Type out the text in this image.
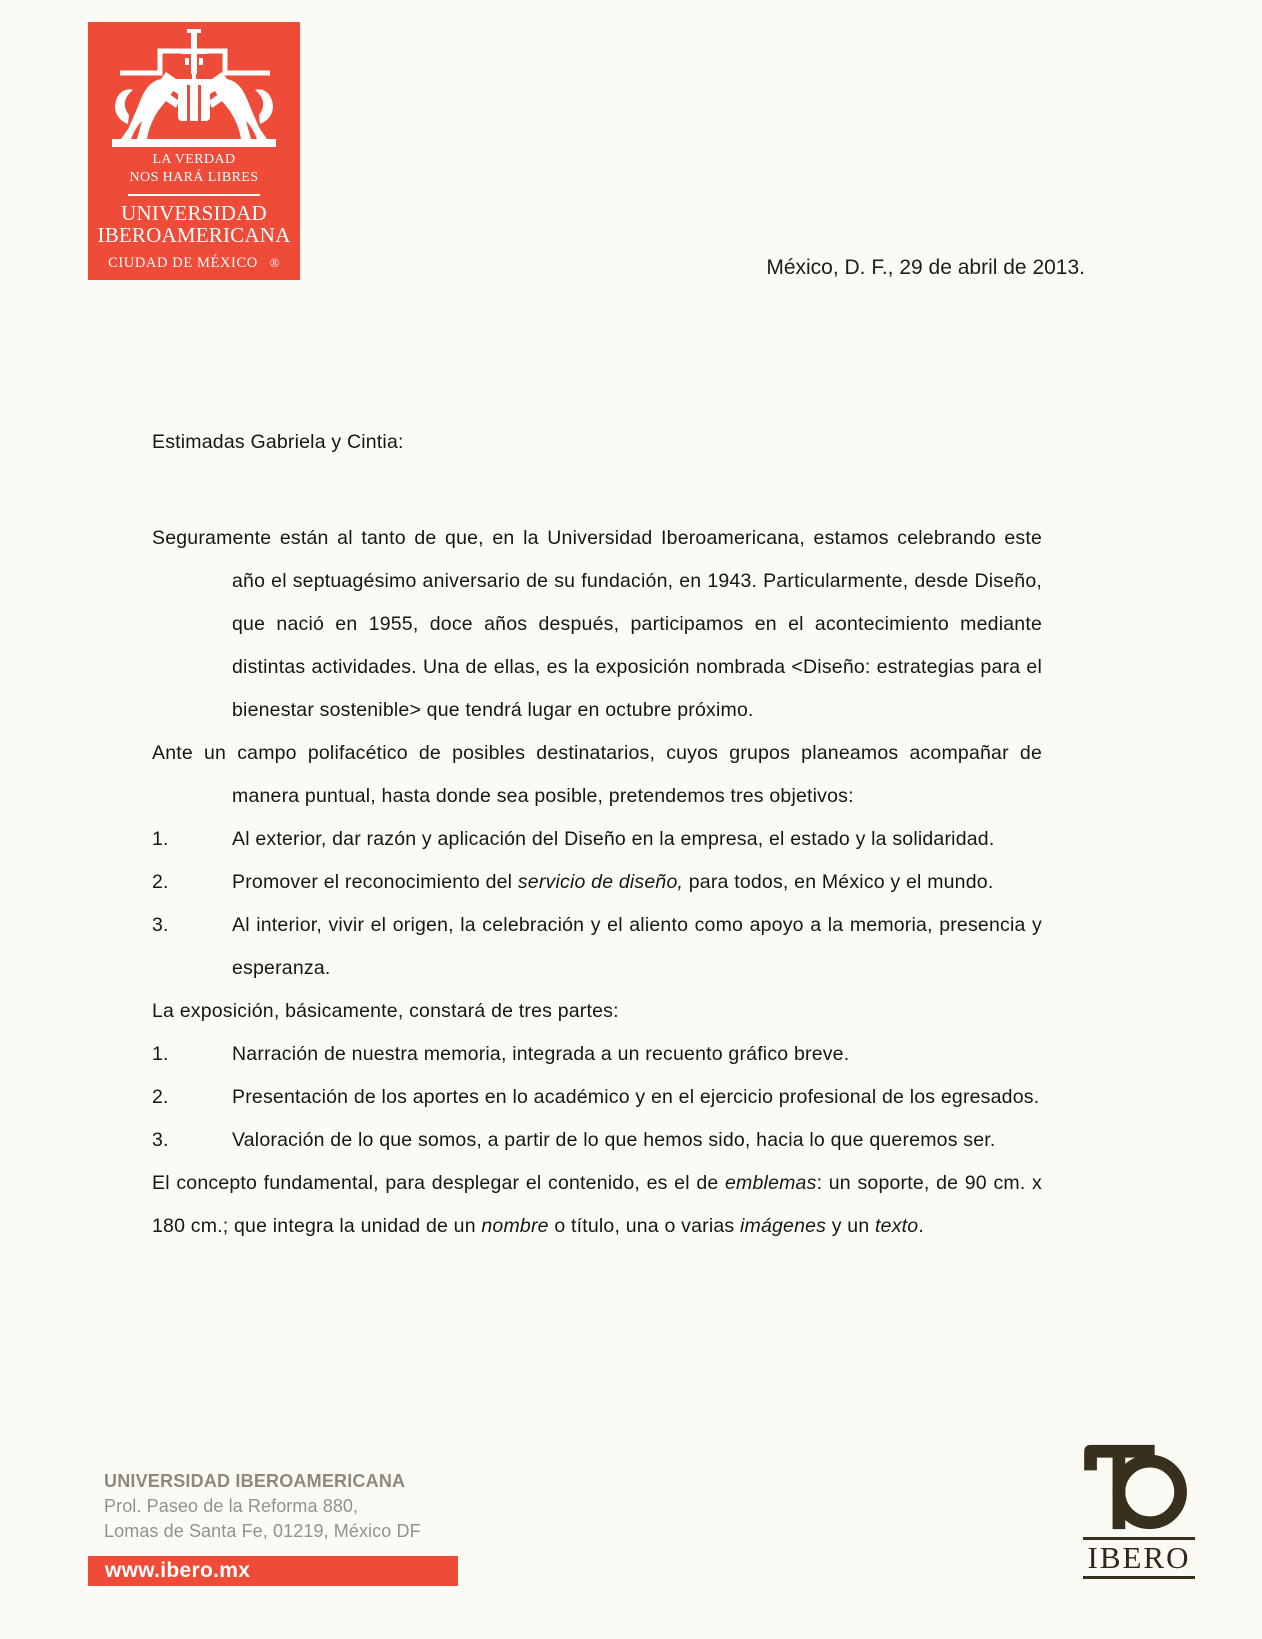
LA VERDAD
NOS HARÁ LIBRES
UNIVERSIDAD
IBEROAMERICANA
CIUDAD DE MÉXICO ®	México, D. F., 29 de abril de 2013.
Estimadas Gabriela y Cintia:
Seguramente están al tanto de que, en la Universidad Iberoamericana, estamos celebrando este año el septuagésimo aniversario de su fundación, en 1943. Particularmente, desde Diseño, que nació en 1955, doce años después, participamos en el acontecimiento mediante distintas actividades. Una de ellas, es la exposición nombrada <Diseño: estrategias para el bienestar sostenible> que tendrá lugar en octubre próximo.
Ante un campo polifacético de posibles destinatarios, cuyos grupos planeamos acompañar de manera puntual, hasta donde sea posible, pretendemos tres objetivos:
1.	Al exterior, dar razón y aplicación del Diseño en la empresa, el estado y la solidaridad.
2.	Promover el reconocimiento del servicio de diseño, para todos, en México y el mundo.
3.	Al interior, vivir el origen, la celebración y el aliento como apoyo a la memoria, presencia y esperanza.
La exposición, básicamente, constará de tres partes:
1.	Narración de nuestra memoria, integrada a un recuento gráfico breve.
2.	Presentación de los aportes en lo académico y en el ejercicio profesional de los egresados.
3.	Valoración de lo que somos, a partir de lo que hemos sido, hacia lo que queremos ser.
El concepto fundamental, para desplegar el contenido, es el de emblemas: un soporte, de 90 cm. x 180 cm.; que integra la unidad de un nombre o título, una o varias imágenes y un texto.
UNIVERSIDAD IBEROAMERICANA
Prol. Paseo de la Reforma 880,
Lomas de Santa Fe, 01219, México DF
www.ibero.mx	IBERO
